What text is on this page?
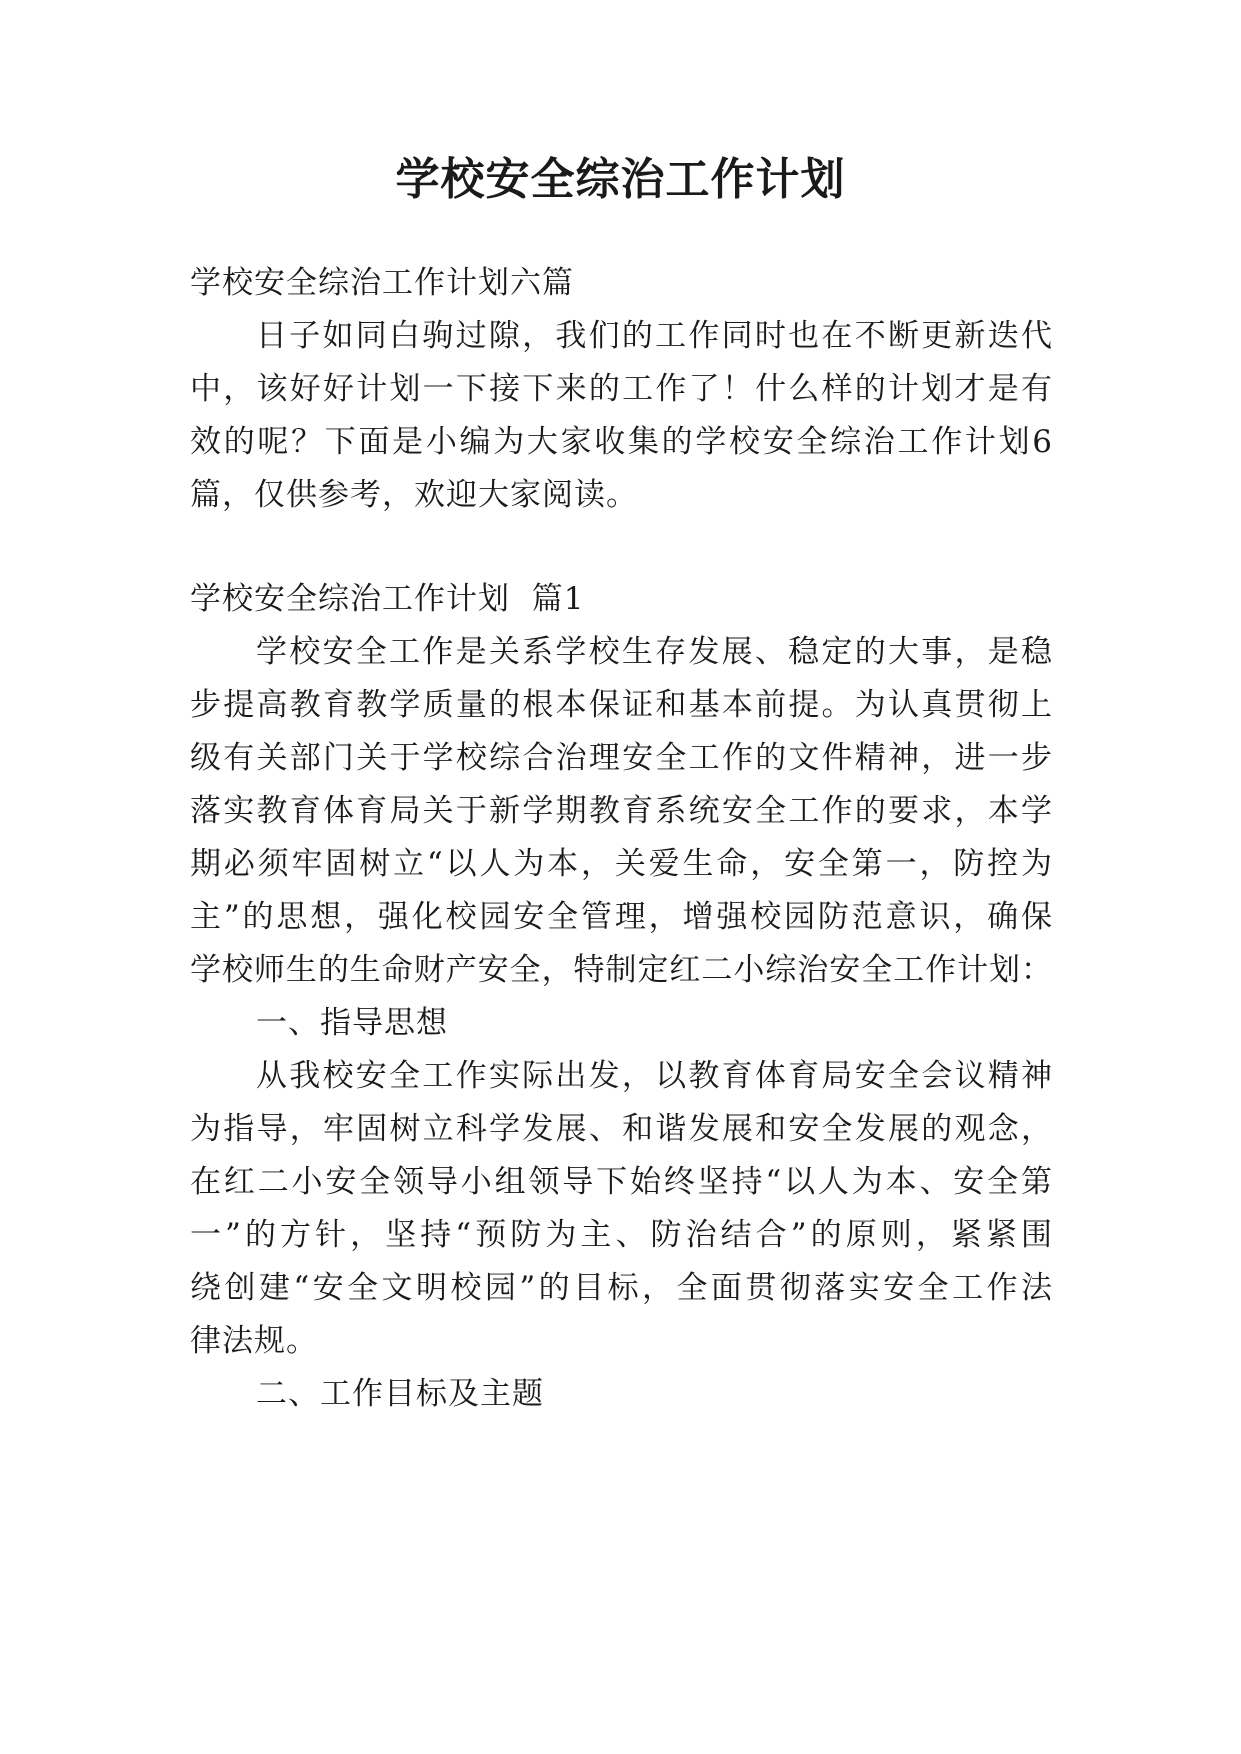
学校安全综治工作计划

学校安全综治工作计划六篇

日子如同白驹过隙，我们的工作同时也在不断更新迭代

中，该好好计划一下接下来的工作了！什么样的计划才是有

效的呢？下面是小编为大家收集的学校安全综治工作计划6

篇，仅供参考，欢迎大家阅读。

学校安全综治工作计划  篇1

学校安全工作是关系学校生存发展、稳定的大事，是稳

步提高教育教学质量的根本保证和基本前提。为认真贯彻上

级有关部门关于学校综合治理安全工作的文件精神，进一步

落实教育体育局关于新学期教育系统安全工作的要求，本学

期必须牢固树立“以人为本，关爱生命，安全第一，防控为

主”的思想，强化校园安全管理，增强校园防范意识，确保

学校师生的生命财产安全，特制定红二小综治安全工作计划：

一、指导思想

从我校安全工作实际出发，以教育体育局安全会议精神

为指导，牢固树立科学发展、和谐发展和安全发展的观念，

在红二小安全领导小组领导下始终坚持“以人为本、安全第

一”的方针，坚持“预防为主、防治结合”的原则，紧紧围

绕创建“安全文明校园”的目标，全面贯彻落实安全工作法

律法规。

二、工作目标及主题
